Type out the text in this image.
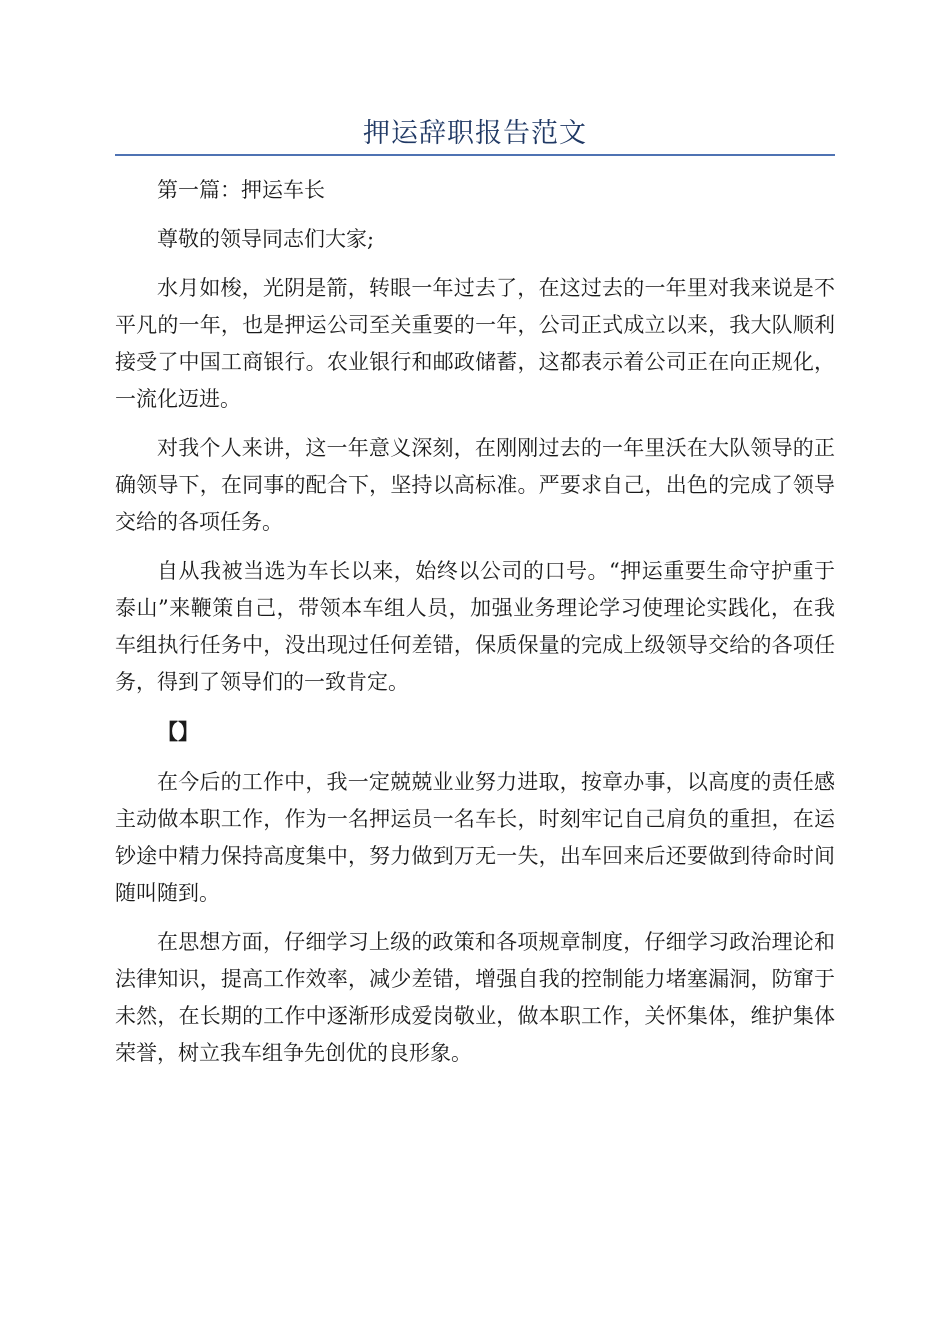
押运辞职报告范文

第一篇：押运车长

尊敬的领导同志们大家;

水月如梭，光阴是箭，转眼一年过去了，在这过去的一年里对我来说是不平凡的一年，也是押运公司至关重要的一年，公司正式成立以来，我大队顺利接受了中国工商银行。农业银行和邮政储蓄，这都表示着公司正在向正规化，一流化迈进。

对我个人来讲，这一年意义深刻，在刚刚过去的一年里沃在大队领导的正确领导下，在同事的配合下，坚持以高标准。严要求自己，出色的完成了领导交给的各项任务。

自从我被当选为车长以来，始终以公司的口号。“押运重要生命守护重于泰山”来鞭策自己，带领本车组人员，加强业务理论学习使理论实践化，在我车组执行任务中，没出现过任何差错，保质保量的完成上级领导交给的各项任务，得到了领导们的一致肯定。

【】

在今后的工作中，我一定兢兢业业努力进取，按章办事，以高度的责任感主动做本职工作，作为一名押运员一名车长，时刻牢记自己肩负的重担，在运钞途中精力保持高度集中，努力做到万无一失，出车回来后还要做到待命时间随叫随到。

在思想方面，仔细学习上级的政策和各项规章制度，仔细学习政治理论和法律知识，提高工作效率，减少差错，增强自我的控制能力堵塞漏洞，防窜于未然，在长期的工作中逐渐形成爱岗敬业，做本职工作，关怀集体，维护集体荣誉，树立我车组争先创优的良形象。
